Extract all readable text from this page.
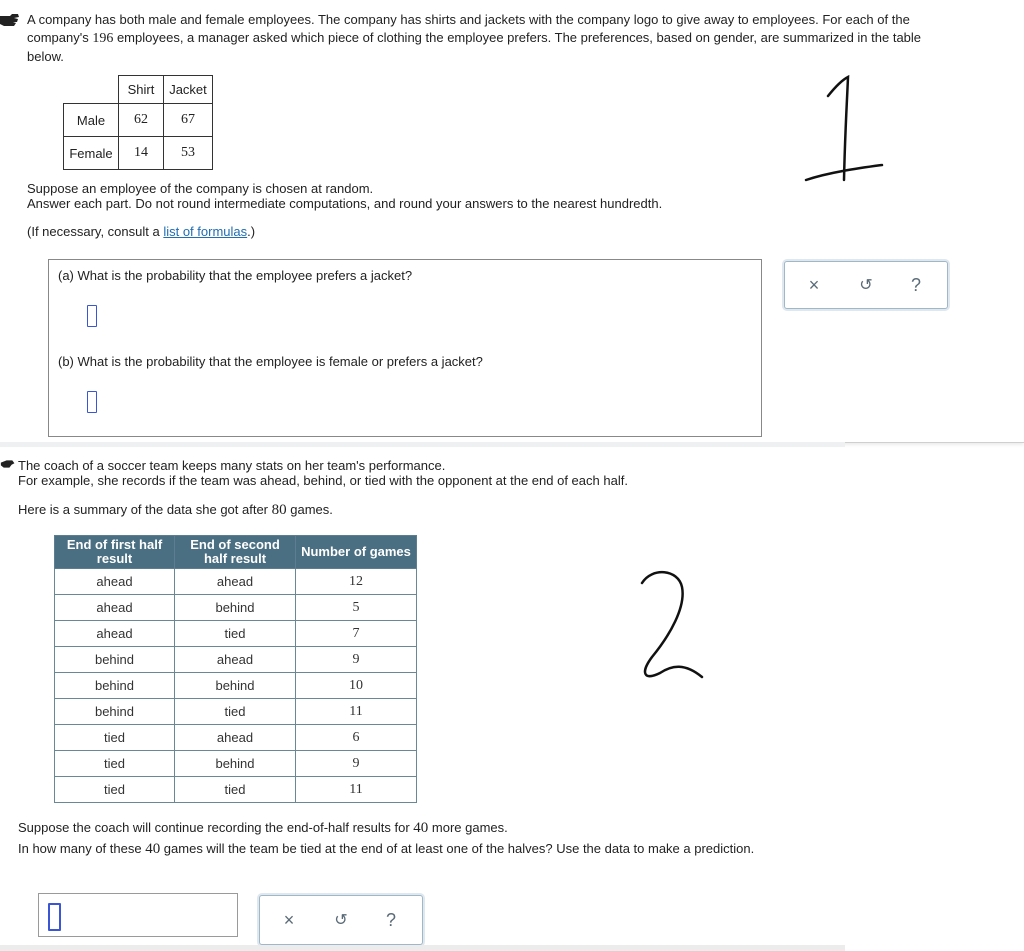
A company has both male and female employees. The company has shirts and jackets with the company logo to give away to employees. For each of the
company's 196 employees, a manager asked which piece of clothing the employee prefers. The preferences, based on gender, are summarized in the table
below.
	Shirt	Jacket
Male	62	67
Female	14	53
Suppose an employee of the company is chosen at random.
Answer each part. Do not round intermediate computations, and round your answers to the nearest hundredth.
(If necessary, consult a list of formulas.)
(a) What is the probability that the employee prefers a jacket?
(b) What is the probability that the employee is female or prefers a jacket?
×	↺	?
The coach of a soccer team keeps many stats on her team's performance.
For example, she records if the team was ahead, behind, or tied with the opponent at the end of each half.
Here is a summary of the data she got after 80 games.
End of first half result	End of second half result	Number of games
ahead	ahead	12
ahead	behind	5
ahead	tied	7
behind	ahead	9
behind	behind	10
behind	tied	11
tied	ahead	6
tied	behind	9
tied	tied	11
Suppose the coach will continue recording the end-of-half results for 40 more games.
In how many of these 40 games will the team be tied at the end of at least one of the halves? Use the data to make a prediction.
×	↺	?
